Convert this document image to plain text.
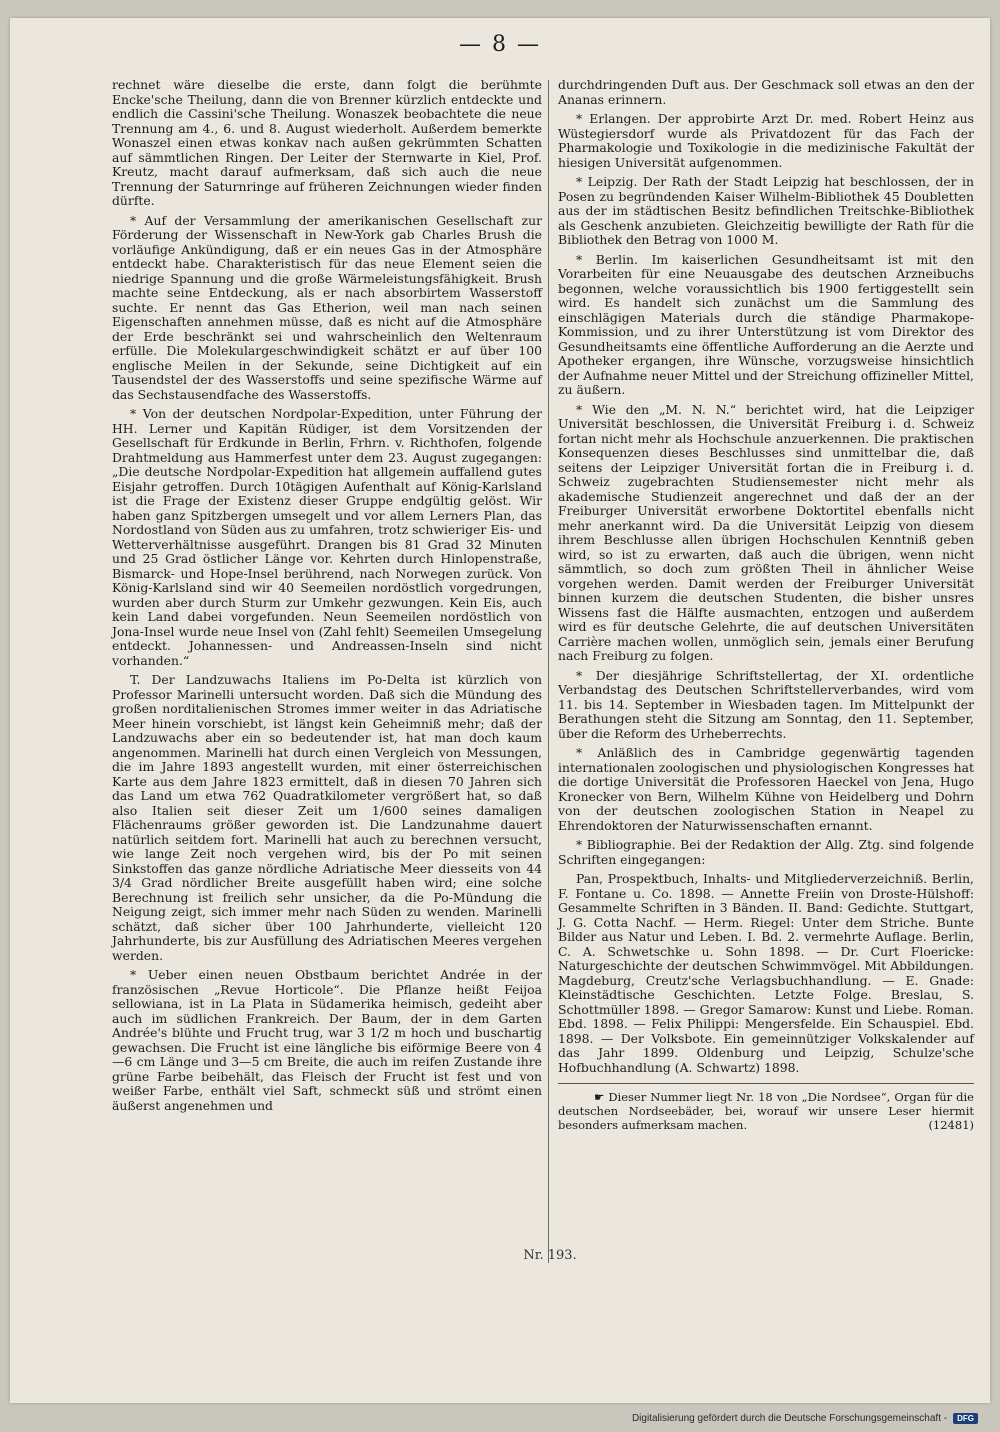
— 8 —

rechnet wäre dieselbe die erste, dann folgt die berühmte Encke'sche Theilung, dann die von Brenner kürzlich entdeckte und endlich die Cassini'sche Theilung. Wonaszek beobachtete die neue Trennung am 4., 6. und 8. August wiederholt. Außerdem bemerkte Wonaszel einen etwas konkav nach außen gekrümmten Schatten auf sämmtlichen Ringen. Der Leiter der Sternwarte in Kiel, Prof. Kreutz, macht darauf aufmerksam, daß sich auch die neue Trennung der Saturnringe auf früheren Zeichnungen wieder finden dürfte.

* Auf der Versammlung der amerikanischen Gesellschaft zur Förderung der Wissenschaft in New-York gab Charles Brush die vorläufige Ankündigung, daß er ein neues Gas in der Atmosphäre entdeckt habe. Charakteristisch für das neue Element seien die niedrige Spannung und die große Wärmeleistungsfähigkeit. Brush machte seine Entdeckung, als er nach absorbirtem Wasserstoff suchte. Er nennt das Gas Etherion, weil man nach seinen Eigenschaften annehmen müsse, daß es nicht auf die Atmosphäre der Erde beschränkt sei und wahrscheinlich den Weltenraum erfülle. Die Molekulargeschwindigkeit schätzt er auf über 100 englische Meilen in der Sekunde, seine Dichtigkeit auf ein Tausendstel der des Wasserstoffs und seine spezifische Wärme auf das Sechstausendfache des Wasserstoffs.

* Von der deutschen Nordpolar-Expedition, unter Führung der HH. Lerner und Kapitän Rüdiger, ist dem Vorsitzenden der Gesellschaft für Erdkunde in Berlin, Frhrn. v. Richthofen, folgende Drahtmeldung aus Hammerfest unter dem 23. August zugegangen: „Die deutsche Nordpolar-Expedition hat allgemein auffallend gutes Eisjahr getroffen. Durch 10tägigen Aufenthalt auf König-Karlsland ist die Frage der Existenz dieser Gruppe endgültig gelöst. Wir haben ganz Spitzbergen umsegelt und vor allem Lerners Plan, das Nordostland von Süden aus zu umfahren, trotz schwieriger Eis- und Wetterverhältnisse ausgeführt. Drangen bis 81 Grad 32 Minuten und 25 Grad östlicher Länge vor. Kehrten durch Hinlopenstraße, Bismarck- und Hope-Insel berührend, nach Norwegen zurück. Von König-Karlsland sind wir 40 Seemeilen nordöstlich vorgedrungen, wurden aber durch Sturm zur Umkehr gezwungen. Kein Eis, auch kein Land dabei vorgefunden. Neun Seemeilen nordöstlich von Jona-Insel wurde neue Insel von (Zahl fehlt) Seemeilen Umsegelung entdeckt. Johannessen- und Andreassen-Inseln sind nicht vorhanden.“

T. Der Landzuwachs Italiens im Po-Delta ist kürzlich von Professor Marinelli untersucht worden. Daß sich die Mündung des großen norditalienischen Stromes immer weiter in das Adriatische Meer hinein vorschiebt, ist längst kein Geheimniß mehr; daß der Landzuwachs aber ein so bedeutender ist, hat man doch kaum angenommen. Marinelli hat durch einen Vergleich von Messungen, die im Jahre 1893 angestellt wurden, mit einer österreichischen Karte aus dem Jahre 1823 ermittelt, daß in diesen 70 Jahren sich das Land um etwa 762 Quadratkilometer vergrößert hat, so daß also Italien seit dieser Zeit um 1/600 seines damaligen Flächenraums größer geworden ist. Die Landzunahme dauert natürlich seitdem fort. Marinelli hat auch zu berechnen versucht, wie lange Zeit noch vergehen wird, bis der Po mit seinen Sinkstoffen das ganze nördliche Adriatische Meer diesseits von 44 3/4 Grad nördlicher Breite ausgefüllt haben wird; eine solche Berechnung ist freilich sehr unsicher, da die Po-Mündung die Neigung zeigt, sich immer mehr nach Süden zu wenden. Marinelli schätzt, daß sicher über 100 Jahrhunderte, vielleicht 120 Jahrhunderte, bis zur Ausfüllung des Adriatischen Meeres vergehen werden.

* Ueber einen neuen Obstbaum berichtet Andrée in der französischen „Revue Horticole“. Die Pflanze heißt Feijoa sellowiana, ist in La Plata in Südamerika heimisch, gedeiht aber auch im südlichen Frankreich. Der Baum, der in dem Garten Andrée's blühte und Frucht trug, war 3 1/2 m hoch und buschartig gewachsen. Die Frucht ist eine längliche bis eiförmige Beere von 4—6 cm Länge und 3—5 cm Breite, die auch im reifen Zustande ihre grüne Farbe beibehält, das Fleisch der Frucht ist fest und von weißer Farbe, enthält viel Saft, schmeckt süß und strömt einen äußerst angenehmen und

durchdringenden Duft aus. Der Geschmack soll etwas an den der Ananas erinnern.

* Erlangen. Der approbirte Arzt Dr. med. Robert Heinz aus Wüstegiersdorf wurde als Privatdozent für das Fach der Pharmakologie und Toxikologie in die medizinische Fakultät der hiesigen Universität aufgenommen.

* Leipzig. Der Rath der Stadt Leipzig hat beschlossen, der in Posen zu begründenden Kaiser Wilhelm-Bibliothek 45 Doubletten aus der im städtischen Besitz befindlichen Treitschke-Bibliothek als Geschenk anzubieten. Gleichzeitig bewilligte der Rath für die Bibliothek den Betrag von 1000 M.

* Berlin. Im kaiserlichen Gesundheitsamt ist mit den Vorarbeiten für eine Neuausgabe des deutschen Arzneibuchs begonnen, welche voraussichtlich bis 1900 fertiggestellt sein wird. Es handelt sich zunächst um die Sammlung des einschlägigen Materials durch die ständige Pharmakope-Kommission, und zu ihrer Unterstützung ist vom Direktor des Gesundheitsamts eine öffentliche Aufforderung an die Aerzte und Apotheker ergangen, ihre Wünsche, vorzugsweise hinsichtlich der Aufnahme neuer Mittel und der Streichung offizineller Mittel, zu äußern.

* Wie den „M. N. N.“ berichtet wird, hat die Leipziger Universität beschlossen, die Universität Freiburg i. d. Schweiz fortan nicht mehr als Hochschule anzuerkennen. Die praktischen Konsequenzen dieses Beschlusses sind unmittelbar die, daß seitens der Leipziger Universität fortan die in Freiburg i. d. Schweiz zugebrachten Studiensemester nicht mehr als akademische Studienzeit angerechnet und daß der an der Freiburger Universität erworbene Doktortitel ebenfalls nicht mehr anerkannt wird. Da die Universität Leipzig von diesem ihrem Beschlusse allen übrigen Hochschulen Kenntniß geben wird, so ist zu erwarten, daß auch die übrigen, wenn nicht sämmtlich, so doch zum größten Theil in ähnlicher Weise vorgehen werden. Damit werden der Freiburger Universität binnen kurzem die deutschen Studenten, die bisher unsres Wissens fast die Hälfte ausmachten, entzogen und außerdem wird es für deutsche Gelehrte, die auf deutschen Universitäten Carrière machen wollen, unmöglich sein, jemals einer Berufung nach Freiburg zu folgen.

* Der diesjährige Schriftstellertag, der XI. ordentliche Verbandstag des Deutschen Schriftstellerverbandes, wird vom 11. bis 14. September in Wiesbaden tagen. Im Mittelpunkt der Berathungen steht die Sitzung am Sonntag, den 11. September, über die Reform des Urheberrechts.

* Anläßlich des in Cambridge gegenwärtig tagenden internationalen zoologischen und physiologischen Kongresses hat die dortige Universität die Professoren Haeckel von Jena, Hugo Kronecker von Bern, Wilhelm Kühne von Heidelberg und Dohrn von der deutschen zoologischen Station in Neapel zu Ehrendoktoren der Naturwissenschaften ernannt.

* Bibliographie. Bei der Redaktion der Allg. Ztg. sind folgende Schriften eingegangen:

Pan, Prospektbuch, Inhalts- und Mitgliederverzeichniß. Berlin, F. Fontane u. Co. 1898. — Annette Freiin von Droste-Hülshoff: Gesammelte Schriften in 3 Bänden. II. Band: Gedichte. Stuttgart, J. G. Cotta Nachf. — Herm. Riegel: Unter dem Striche. Bunte Bilder aus Natur und Leben. I. Bd. 2. vermehrte Auflage. Berlin, C. A. Schwetschke u. Sohn 1898. — Dr. Curt Floericke: Naturgeschichte der deutschen Schwimmvögel. Mit Abbildungen. Magdeburg, Creutz'sche Verlagsbuchhandlung. — E. Gnade: Kleinstädtische Geschichten. Letzte Folge. Breslau, S. Schottmüller 1898. — Gregor Samarow: Kunst und Liebe. Roman. Ebd. 1898. — Felix Philippi: Mengersfelde. Ein Schauspiel. Ebd. 1898. — Der Volksbote. Ein gemeinnütziger Volkskalender auf das Jahr 1899. Oldenburg und Leipzig, Schulze'sche Hofbuchhandlung (A. Schwartz) 1898.

☛ Dieser Nummer liegt Nr. 18 von „Die Nordsee“, Organ für die deutschen Nordseebäder, bei, worauf wir unsere Leser hiermit besonders aufmerksam machen.	(12481)

Nr. 193.
Digitalisierung gefördert durch die Deutsche Forschungsgemeinschaft -	DFG
